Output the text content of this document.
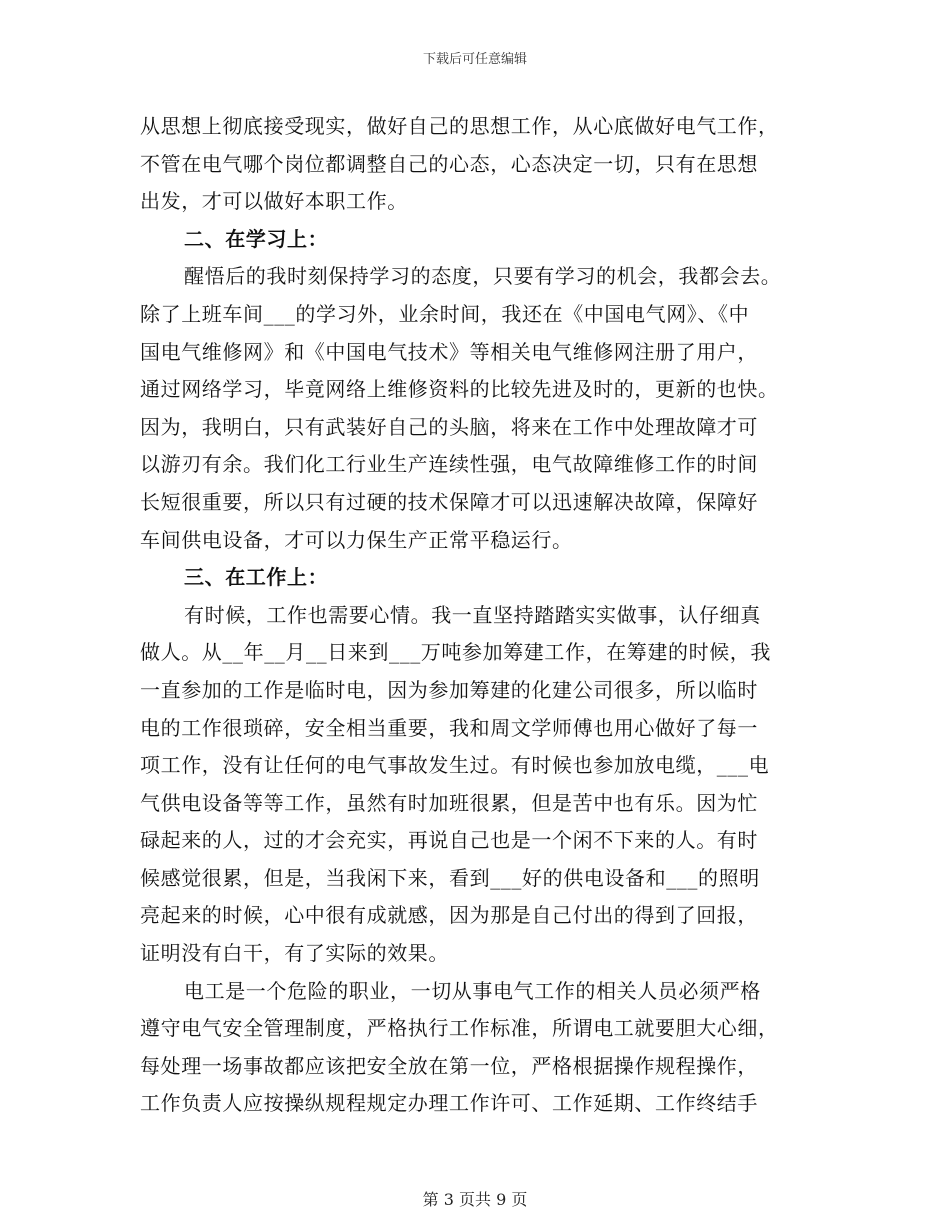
下载后可任意编辑
从思想上彻底接受现实，做好自己的思想工作，从心底做好电气工作，
不管在电气哪个岗位都调整自己的心态，心态决定一切，只有在思想
出发，才可以做好本职工作。
二、在学习上：
醒悟后的我时刻保持学习的态度，只要有学习的机会，我都会去。
除了上班车间___的学习外，业余时间，我还在《中国电气网》、《中
国电气维修网》和《中国电气技术》等相关电气维修网注册了用户，
通过网络学习，毕竟网络上维修资料的比较先进及时的，更新的也快。
因为，我明白，只有武装好自己的头脑，将来在工作中处理故障才可
以游刃有余。我们化工行业生产连续性强，电气故障维修工作的时间
长短很重要，所以只有过硬的技术保障才可以迅速解决故障，保障好
车间供电设备，才可以力保生产正常平稳运行。
三、在工作上：
有时候，工作也需要心情。我一直坚持踏踏实实做事，认仔细真
做人。从__年__月__日来到___万吨参加筹建工作，在筹建的时候，我
一直参加的工作是临时电，因为参加筹建的化建公司很多，所以临时
电的工作很琐碎，安全相当重要，我和周文学师傅也用心做好了每一
项工作，没有让任何的电气事故发生过。有时候也参加放电缆，___电
气供电设备等等工作，虽然有时加班很累，但是苦中也有乐。因为忙
碌起来的人，过的才会充实，再说自己也是一个闲不下来的人。有时
候感觉很累，但是，当我闲下来，看到___好的供电设备和___的照明
亮起来的时候，心中很有成就感，因为那是自己付出的得到了回报，
证明没有白干，有了实际的效果。
电工是一个危险的职业，一切从事电气工作的相关人员必须严格
遵守电气安全管理制度，严格执行工作标准，所谓电工就要胆大心细，
每处理一场事故都应该把安全放在第一位，严格根据操作规程操作，
工作负责人应按操纵规程规定办理工作许可、工作延期、工作终结手
第 3 页共 9 页
